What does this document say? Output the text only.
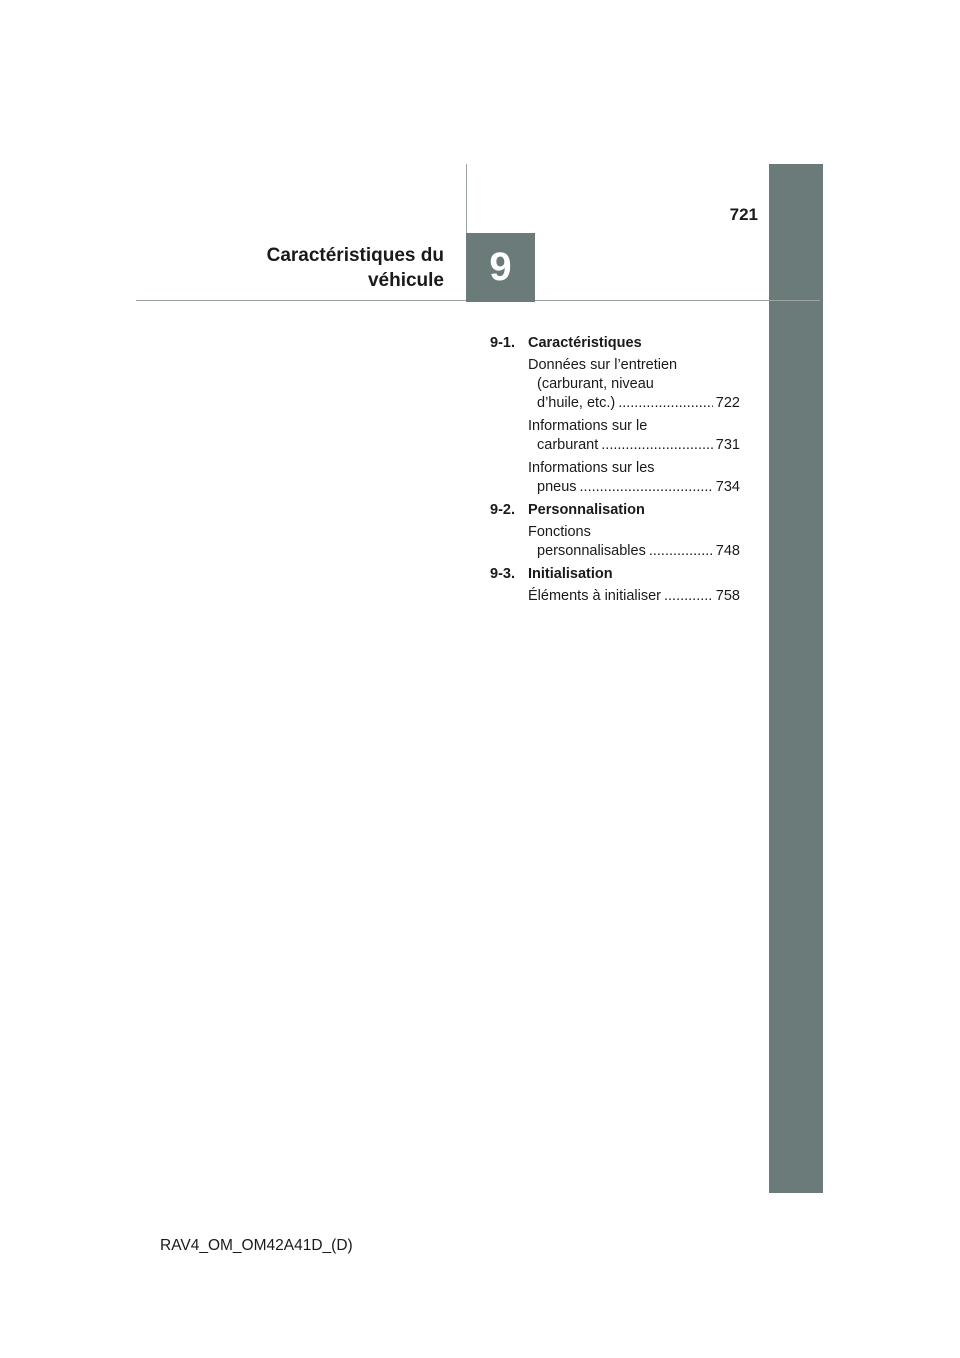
721
Caractéristiques du
véhicule	9
9-1. Caractéristiques
Données sur l’entretien
(carburant, niveau
d’huile, etc.) .....	722
Informations sur le
carburant .....	731
Informations sur les
pneus .....	734
9-2. Personnalisation
Fonctions
personnalisables .....	748
9-3. Initialisation
Éléments à initialiser .....	758
RAV4_OM_OM42A41D_(D)
